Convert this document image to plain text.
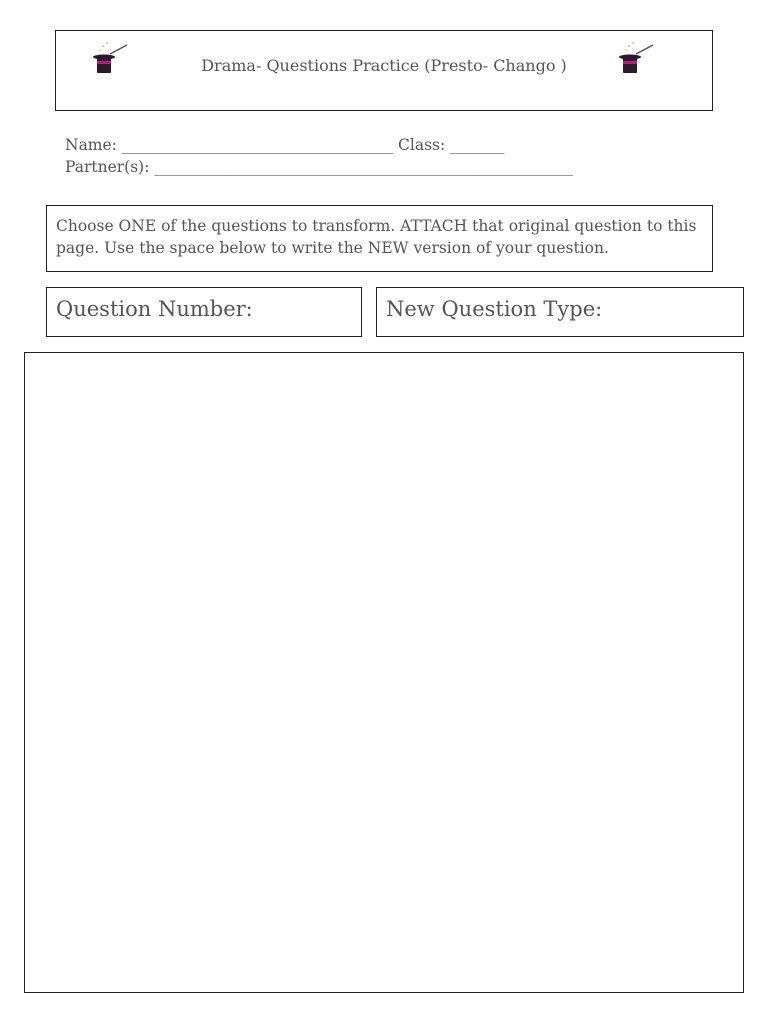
Drama- Questions Practice (Presto- Chango )
Name: ___________________________________ Class: _______
Partner(s): ______________________________________________________
Choose ONE of the questions to transform. ATTACH that original question to this
page. Use the space below to write the NEW version of your question.
Question Number:	New Question Type:
